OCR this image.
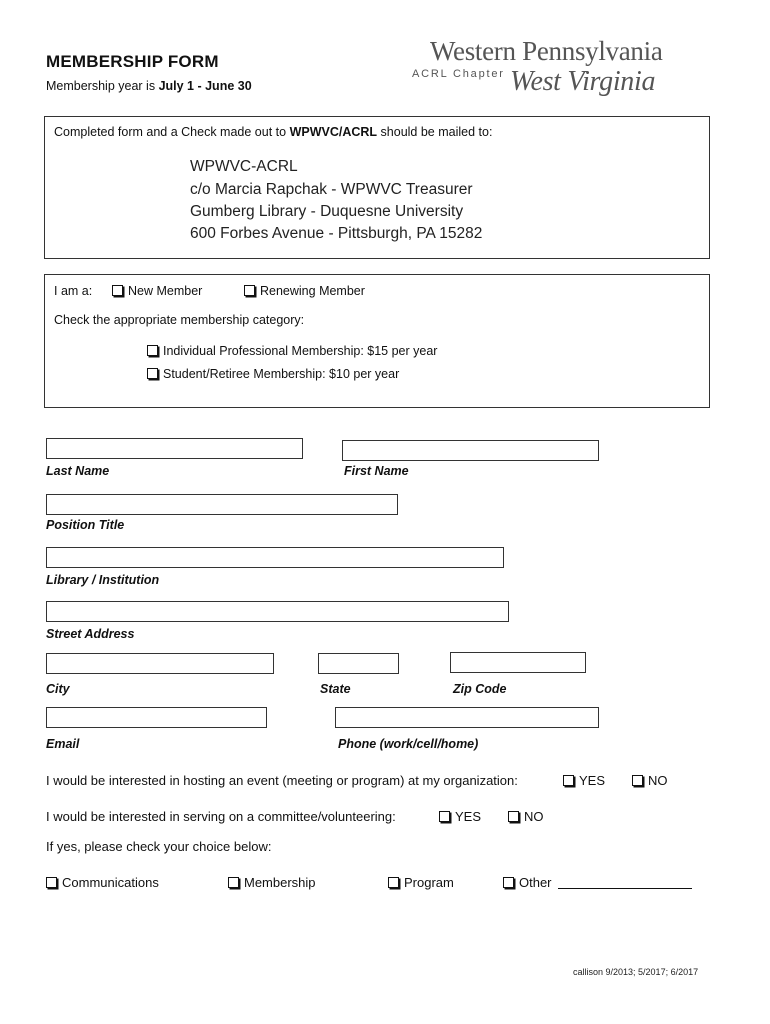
MEMBERSHIP FORM
Membership year is July 1 - June 30
Western Pennsylvania
ACRL Chapter West Virginia
Completed form and a Check made out to WPWVC/ACRL should be mailed to:
WPWVC-ACRL
c/o Marcia Rapchak - WPWVC Treasurer
Gumberg Library - Duquesne University
600 Forbes Avenue - Pittsburgh, PA 15282
I am a:	New Member	Renewing Member
Check the appropriate membership category:
Individual Professional Membership: $15 per year
Student/Retiree Membership: $10 per year
Last Name	First Name
Position Title
Library / Institution
Street Address
City	State	Zip Code
Email	Phone (work/cell/home)
I would be interested in hosting an event (meeting or program) at my organization:	YES	NO
I would be interested in serving on a committee/volunteering:	YES	NO
If yes, please check your choice below:
Communications	Membership	Program	Other
callison 9/2013; 5/2017; 6/2017
